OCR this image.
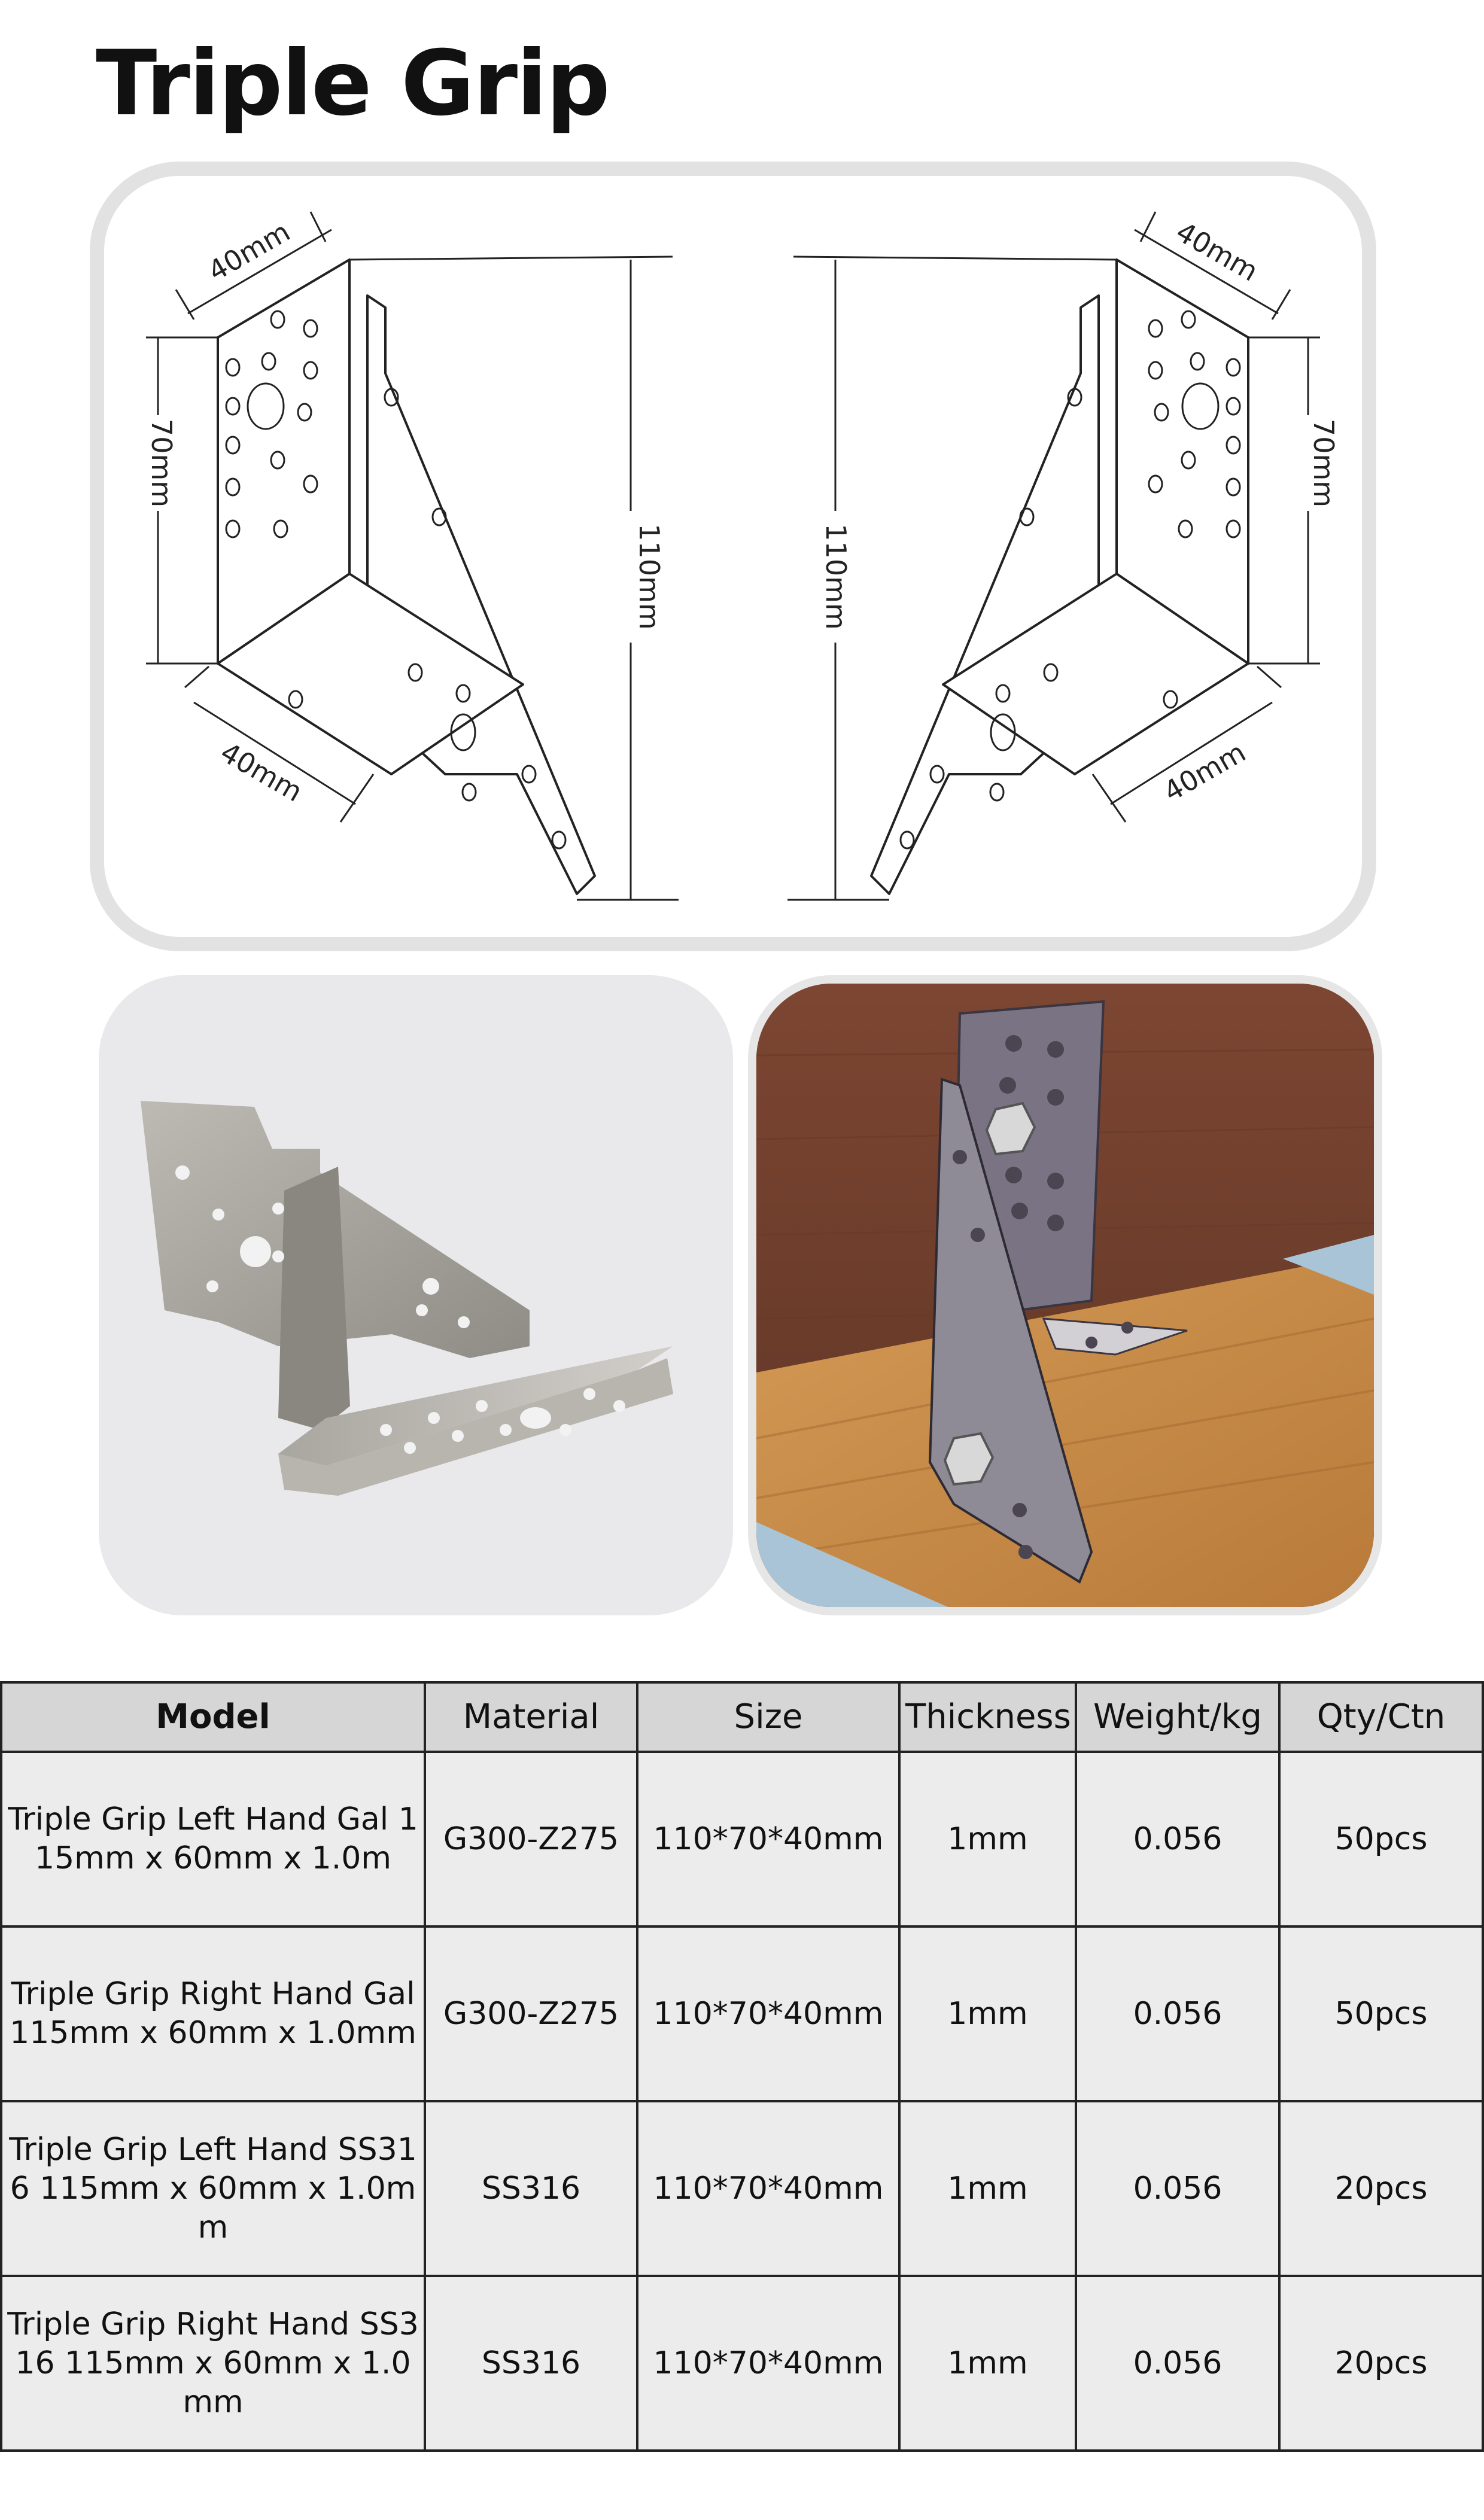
Triple Grip
40mm
70mm
110mm
40mm
40mm
70mm
110mm
40mm
Model	Material	Size	Thickness	Weight/kg	Qty/Ctn
Triple Grip Left Hand Gal 115mm x 60mm x 1.0m	G300-Z275	110*70*40mm	1mm	0.056	50pcs
Triple Grip Right Hand Gal 115mm x 60mm x 1.0mm	G300-Z275	110*70*40mm	1mm	0.056	50pcs
Triple Grip Left Hand SS316 115mm x 60mm x 1.0mm	SS316	110*70*40mm	1mm	0.056	20pcs
Triple Grip Right Hand SS316 115mm x 60mm x 1.0mm	SS316	110*70*40mm	1mm	0.056	20pcs
